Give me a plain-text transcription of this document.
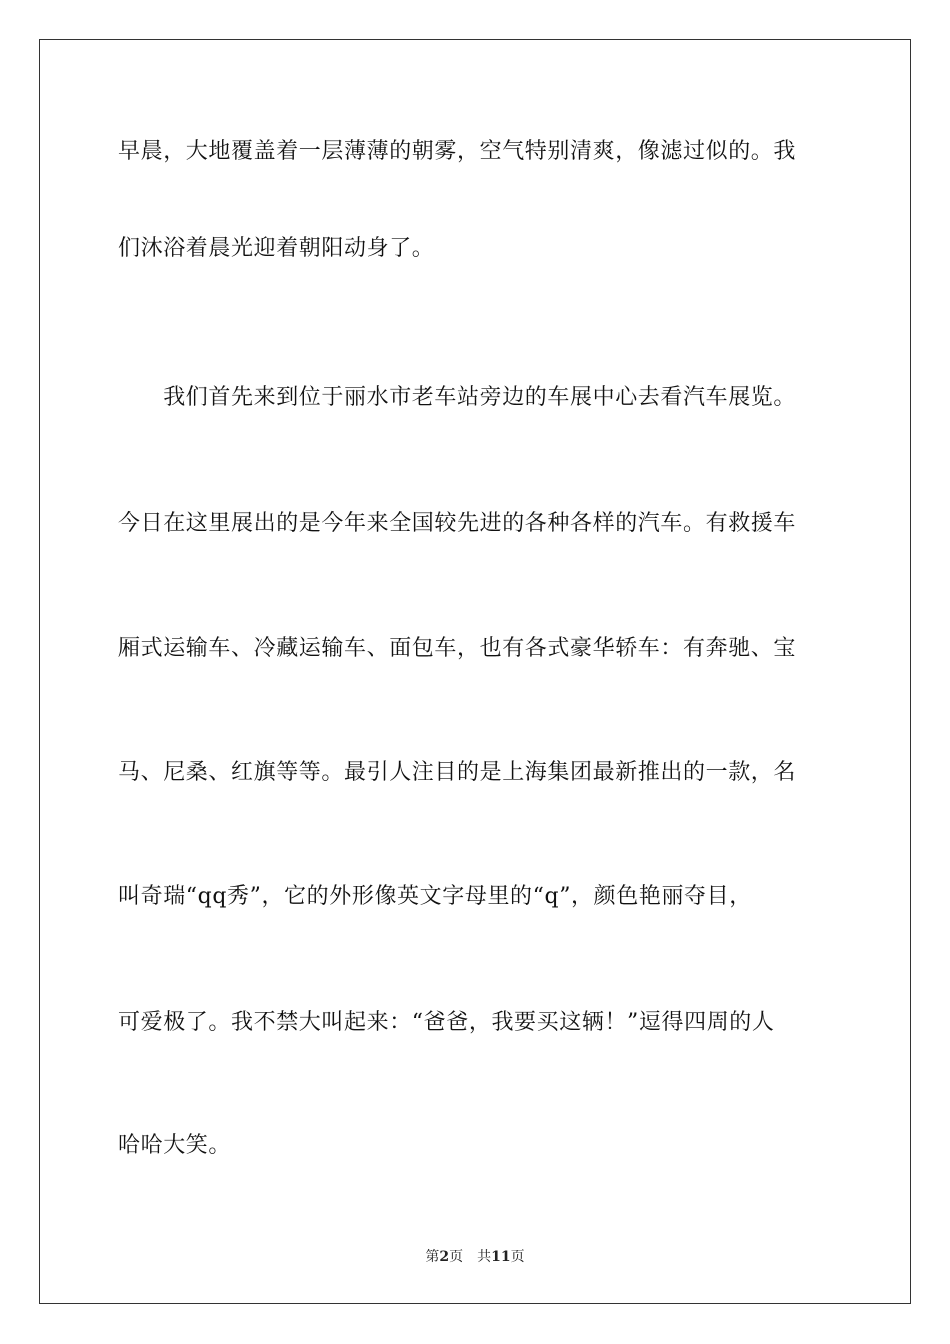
早晨，大地覆盖着一层薄薄的朝雾，空气特别清爽，像滤过似的。我
们沐浴着晨光迎着朝阳动身了。
　　我们首先来到位于丽水市老车站旁边的车展中心去看汽车展览。
今日在这里展出的是今年来全国较先进的各种各样的汽车。有救援车
厢式运输车、冷藏运输车、面包车，也有各式豪华轿车：有奔驰、宝
马、尼桑、红旗等等。最引人注目的是上海集团最新推出的一款，名
叫奇瑞“qq秀”，它的外形像英文字母里的“q”，颜色艳丽夺目，
可爱极了。我不禁大叫起来：“爸爸，我要买这辆！”逗得四周的人
哈哈大笑。
第2页 共11页
